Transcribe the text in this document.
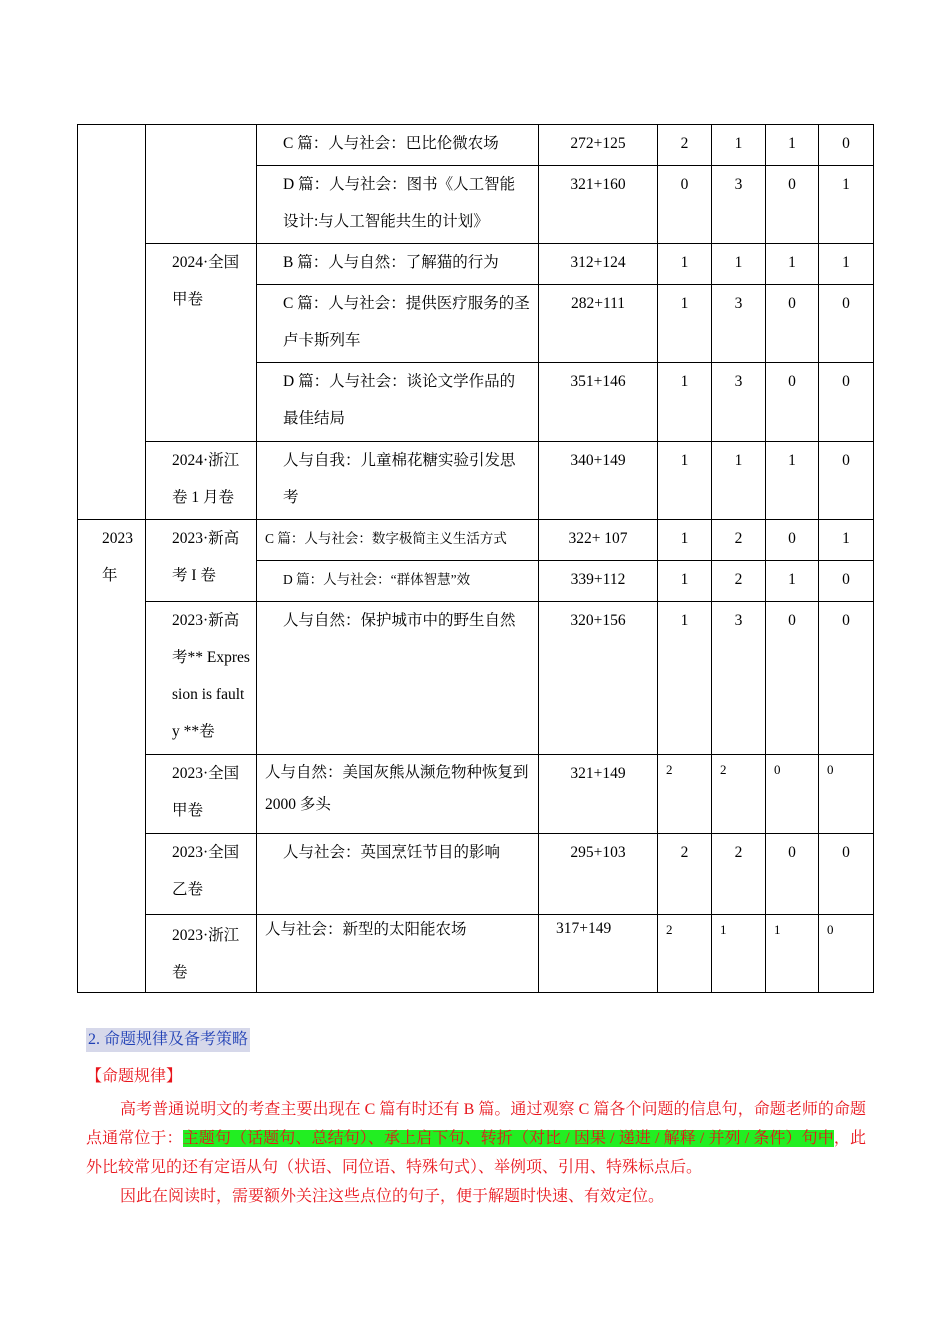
		C 篇：人与社会：巴比伦微农场	272+125	2	1	1	0
		D 篇：人与社会：图书《人工智能设计:与人工智能共生的计划》	321+160	0	3	0	1
	2024·全国甲卷	B 篇：人与自然：了解猫的行为	312+124	1	1	1	1
		C 篇：人与社会：提供医疗服务的圣卢卡斯列车	282+111	1	3	0	0
		D 篇：人与社会：谈论文学作品的最佳结局	351+146	1	3	0	0
	2024·浙江卷 1 月卷	人与自我：儿童棉花糖实验引发思考	340+149	1	1	1	0
2023年	2023·新高考 I 卷	C 篇：人与社会：数字极简主义生活方式	322+ 107	1	2	0	1
		D 篇：人与社会：“群体智慧”效	339+112	1	2	1	0
	2023·新高考** Expression is faulty **卷	人与自然：保护城市中的野生自然	320+156	1	3	0	0
	2023·全国甲卷	人与自然：美国灰熊从濒危物种恢复到 2000 多头	321+149	2	2	0	0
	2023·全国乙卷	人与社会：英国烹饪节目的影响	295+103	2	2	0	0
	2023·浙江卷	人与社会：新型的太阳能农场	317+149	2	1	1	0
2. 命题规律及备考策略
【命题规律】
高考普通说明文的考查主要出现在 C 篇有时还有 B 篇。通过观察 C 篇各个问题的信息句，命题老师的命题点通常位于：主题句（话题句、总结句）、承上启下句、转折（对比 / 因果 / 递进 / 解释 / 并列 / 条件）句中，此外比较常见的还有定语从句（状语、同位语、特殊句式）、举例项、引用、特殊标点后。
因此在阅读时，需要额外关注这些点位的句子，便于解题时快速、有效定位。
